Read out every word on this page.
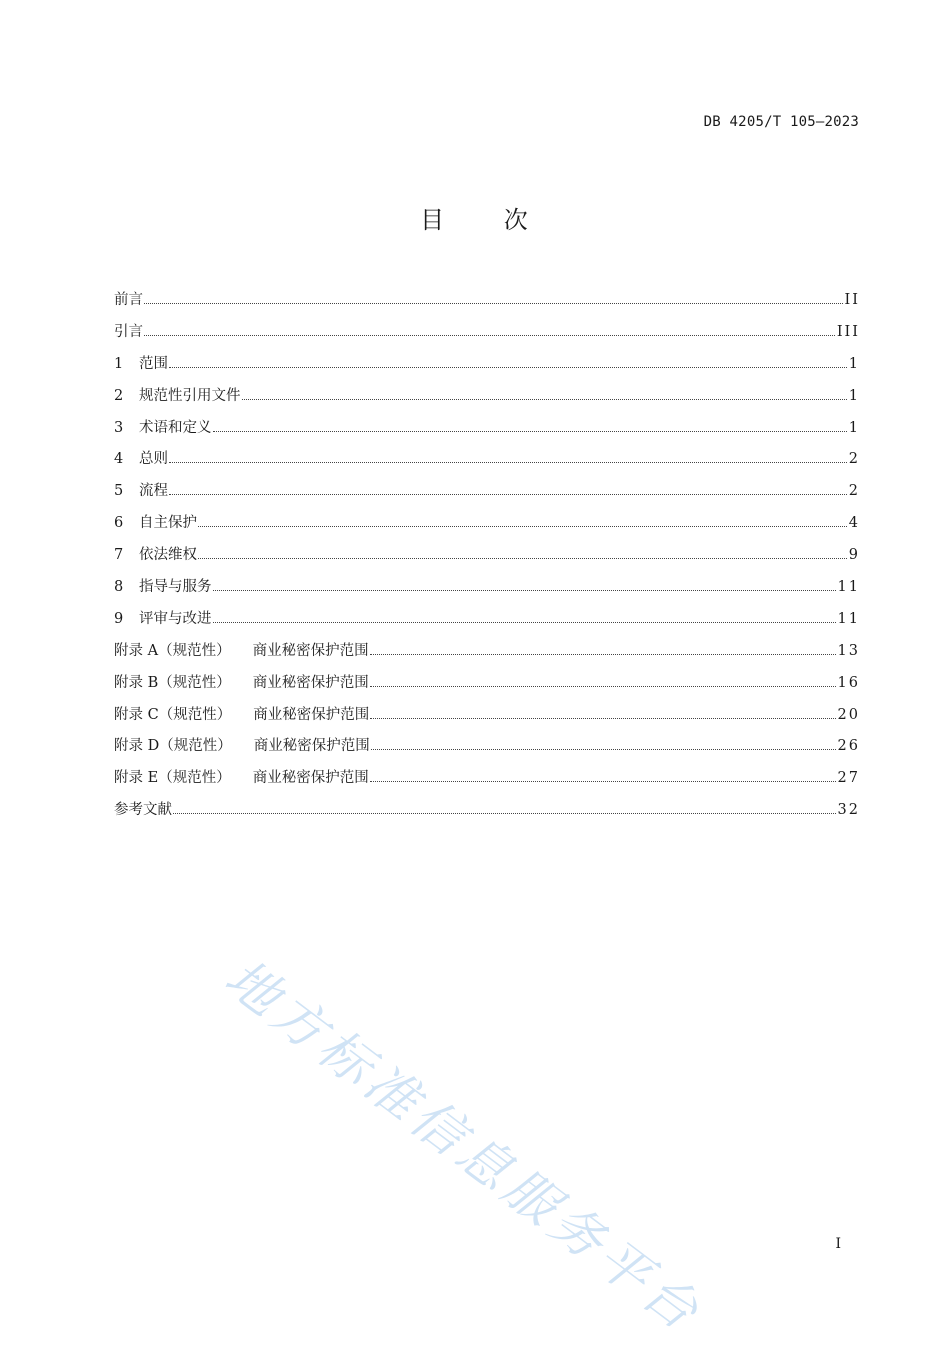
DB 4205/T 105—2023
目 次
前言	II
引言	III
1	范围	1
2	规范性引用文件	1
3	术语和定义	1
4	总则	2
5	流程	2
6	自主保护	4
7	依法维权	9
8	指导与服务	11
9	评审与改进	11
附录 A（规范性） 商业秘密保护范围	13
附录 B（规范性） 商业秘密保护范围	16
附录 C（规范性） 商业秘密保护范围	20
附录 D（规范性） 商业秘密保护范围	26
附录 E（规范性） 商业秘密保护范围	27
参考文献	32
地方标准信息服务平台	I
